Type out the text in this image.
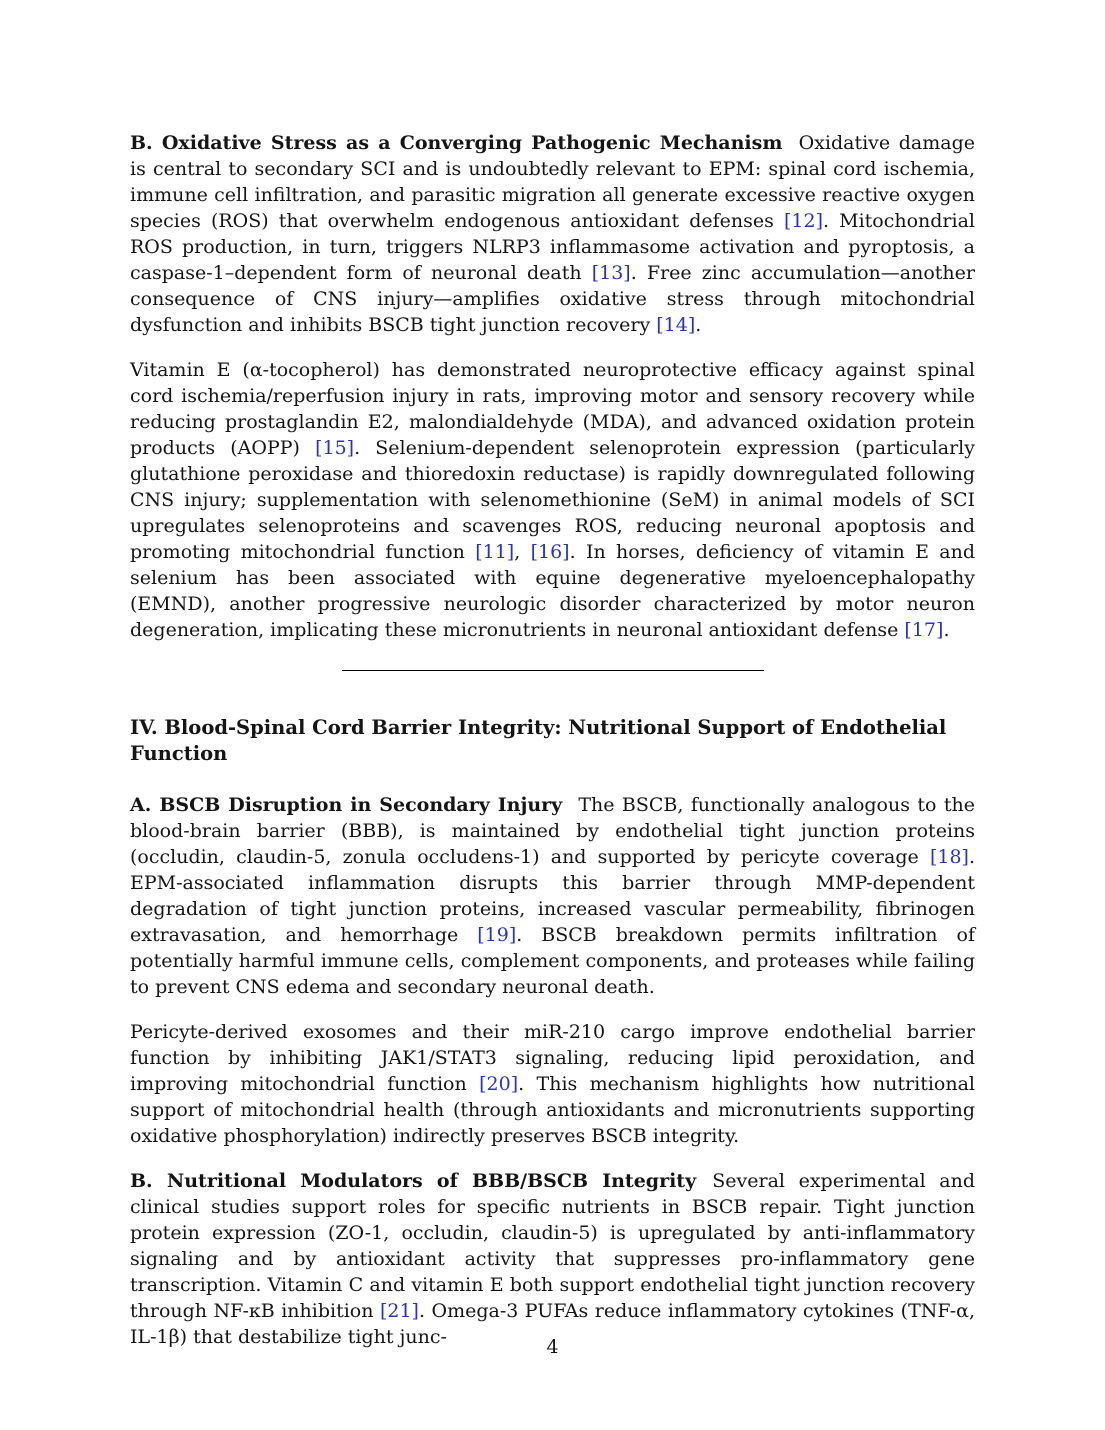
B. Oxidative Stress as a Converging Pathogenic Mechanism Oxidative damage is central to secondary SCI and is undoubtedly relevant to EPM: spinal cord ischemia, immune cell infiltration, and parasitic migration all generate excessive reactive oxygen species (ROS) that overwhelm endogenous antioxidant defenses [12]. Mitochondrial ROS production, in turn, triggers NLRP3 inflammasome activation and pyroptosis, a caspase-1–dependent form of neuronal death [13]. Free zinc accumulation—another consequence of CNS injury—amplifies oxidative stress through mitochondrial dysfunction and inhibits BSCB tight junction recovery [14].

Vitamin E (α-tocopherol) has demonstrated neuroprotective efficacy against spinal cord ischemia/reperfusion injury in rats, improving motor and sensory recovery while reducing prostaglandin E2, malondialdehyde (MDA), and advanced oxidation protein products (AOPP) [15]. Selenium-dependent selenoprotein expression (particularly glutathione peroxidase and thioredoxin reductase) is rapidly downregulated following CNS injury; supplementation with selenomethionine (SeM) in animal models of SCI upregulates selenoproteins and scavenges ROS, reducing neuronal apoptosis and promoting mitochondrial function [11], [16]. In horses, deficiency of vitamin E and selenium has been associated with equine degenerative myeloencephalopathy (EMND), another progressive neurologic disorder characterized by motor neuron degeneration, implicating these micronutrients in neuronal antioxidant defense [17].

IV. Blood-Spinal Cord Barrier Integrity: Nutritional Support of Endothelial Function

A. BSCB Disruption in Secondary Injury The BSCB, functionally analogous to the blood-brain barrier (BBB), is maintained by endothelial tight junction proteins (occludin, claudin-5, zonula occludens-1) and supported by pericyte coverage [18]. EPM-associated inflammation disrupts this barrier through MMP-dependent degradation of tight junction proteins, increased vascular permeability, fibrinogen extravasation, and hemorrhage [19]. BSCB breakdown permits infiltration of potentially harmful immune cells, complement components, and proteases while failing to prevent CNS edema and secondary neuronal death.

Pericyte-derived exosomes and their miR-210 cargo improve endothelial barrier function by inhibiting JAK1/STAT3 signaling, reducing lipid peroxidation, and improving mitochondrial function [20]. This mechanism highlights how nutritional support of mitochondrial health (through antioxidants and micronutrients supporting oxidative phosphorylation) indirectly preserves BSCB integrity.

B. Nutritional Modulators of BBB/BSCB Integrity Several experimental and clinical studies support roles for specific nutrients in BSCB repair. Tight junction protein expression (ZO-1, occludin, claudin-5) is upregulated by anti-inflammatory signaling and by antioxidant activity that suppresses pro-inflammatory gene transcription. Vitamin C and vitamin E both support endothelial tight junction recovery through NF-κB inhibition [21]. Omega-3 PUFAs reduce inflammatory cytokines (TNF-α, IL-1β) that destabilize tight junc-	4
